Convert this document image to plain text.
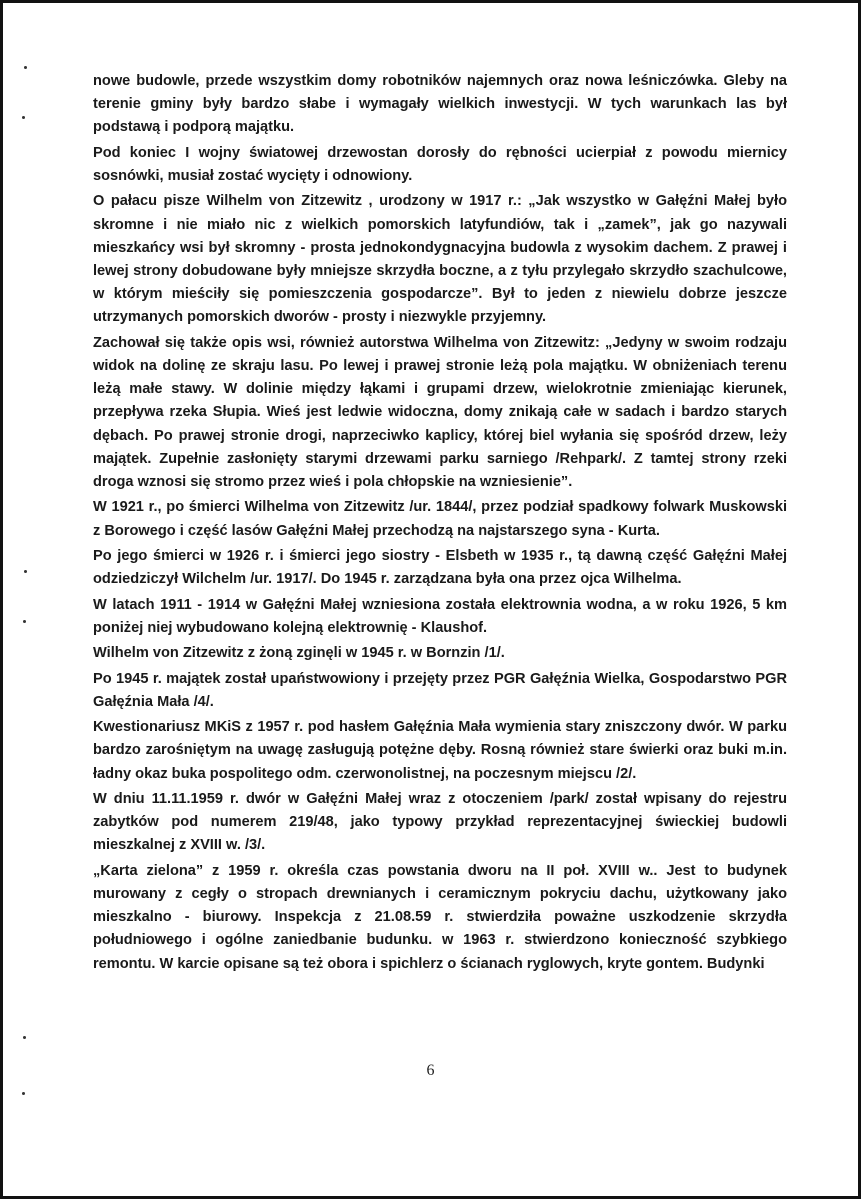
nowe budowle, przede wszystkim domy robotników najemnych oraz nowa leśniczówka. Gleby na terenie gminy były bardzo słabe i wymagały wielkich inwestycji. W tych warunkach las był podstawą i podporą majątku.

Pod koniec I wojny światowej drzewostan dorosły do rębności ucierpiał z powodu miernicy sosnówki, musiał zostać wycięty i odnowiony.

O pałacu pisze Wilhelm von Zitzewitz , urodzony w 1917 r.: „Jak wszystko w Gałęźni Małej było skromne i nie miało nic z wielkich pomorskich latyfundiów, tak i „zamek”, jak go nazywali mieszkańcy wsi był skromny - prosta jednokondygnacyjna budowla z wysokim dachem. Z prawej i lewej strony dobudowane były mniejsze skrzydła boczne, a z tyłu przylegało skrzydło szachulcowe, w którym mieściły się pomieszczenia gospodarcze”. Był to jeden z niewielu dobrze jeszcze utrzymanych pomorskich dworów - prosty i niezwykle przyjemny.

Zachował się także opis wsi, również autorstwa Wilhelma von Zitzewitz: „Jedyny w swoim rodzaju widok na dolinę ze skraju lasu. Po lewej i prawej stronie leżą pola majątku. W obniżeniach terenu leżą małe stawy. W dolinie między łąkami i grupami drzew, wielokrotnie zmieniając kierunek, przepływa rzeka Słupia. Wieś jest ledwie widoczna, domy znikają całe w sadach i bardzo starych dębach. Po prawej stronie drogi, naprzeciwko kaplicy, której biel wyłania się spośród drzew, leży majątek. Zupełnie zasłonięty starymi drzewami parku sarniego /Rehpark/. Z tamtej strony rzeki droga wznosi się stromo przez wieś i pola chłopskie na wzniesienie”.

W 1921 r., po śmierci Wilhelma von Zitzewitz /ur. 1844/, przez podział spadkowy folwark Muskowski z Borowego i część lasów Gałęźni Małej przechodzą na najstarszego syna - Kurta.

Po jego śmierci w 1926 r. i śmierci jego siostry - Elsbeth w 1935 r., tą dawną część Gałęźni Małej odziedziczył Wilchelm /ur. 1917/. Do 1945 r. zarządzana była ona przez ojca Wilhelma.

W latach 1911 - 1914 w Gałęźni Małej wzniesiona została elektrownia wodna, a w roku 1926, 5 km poniżej niej wybudowano kolejną elektrownię - Klaushof.

Wilhelm von Zitzewitz z żoną zginęli w 1945 r. w Bornzin /1/.

Po 1945 r. majątek został upaństwowiony i przejęty przez PGR Gałęźnia Wielka, Gospodarstwo PGR Gałęźnia Mała /4/.

Kwestionariusz MKiS z 1957 r. pod hasłem Gałęźnia Mała wymienia stary zniszczony dwór. W parku bardzo zarośniętym na uwagę zasługują potężne dęby. Rosną również stare świerki oraz buki m.in. ładny okaz buka pospolitego odm. czerwonolistnej, na poczesnym miejscu /2/.

W dniu 11.11.1959 r. dwór w Gałęźni Małej wraz z otoczeniem /park/ został wpisany do rejestru zabytków pod numerem 219/48, jako typowy przykład reprezentacyjnej świeckiej budowli mieszkalnej z XVIII w. /3/.

„Karta zielona” z 1959 r. określa czas powstania dworu na II poł. XVIII w.. Jest to budynek murowany z cegły o stropach drewnianych i ceramicznym pokryciu dachu, użytkowany jako mieszkalno - biurowy. Inspekcja z 21.08.59 r. stwierdziła poważne uszkodzenie skrzydła południowego i ogólne zaniedbanie budunku. w 1963 r. stwierdzono konieczność szybkiego remontu. W karcie opisane są też obora i spichlerz o ścianach ryglowych, kryte gontem. Budynki

6
